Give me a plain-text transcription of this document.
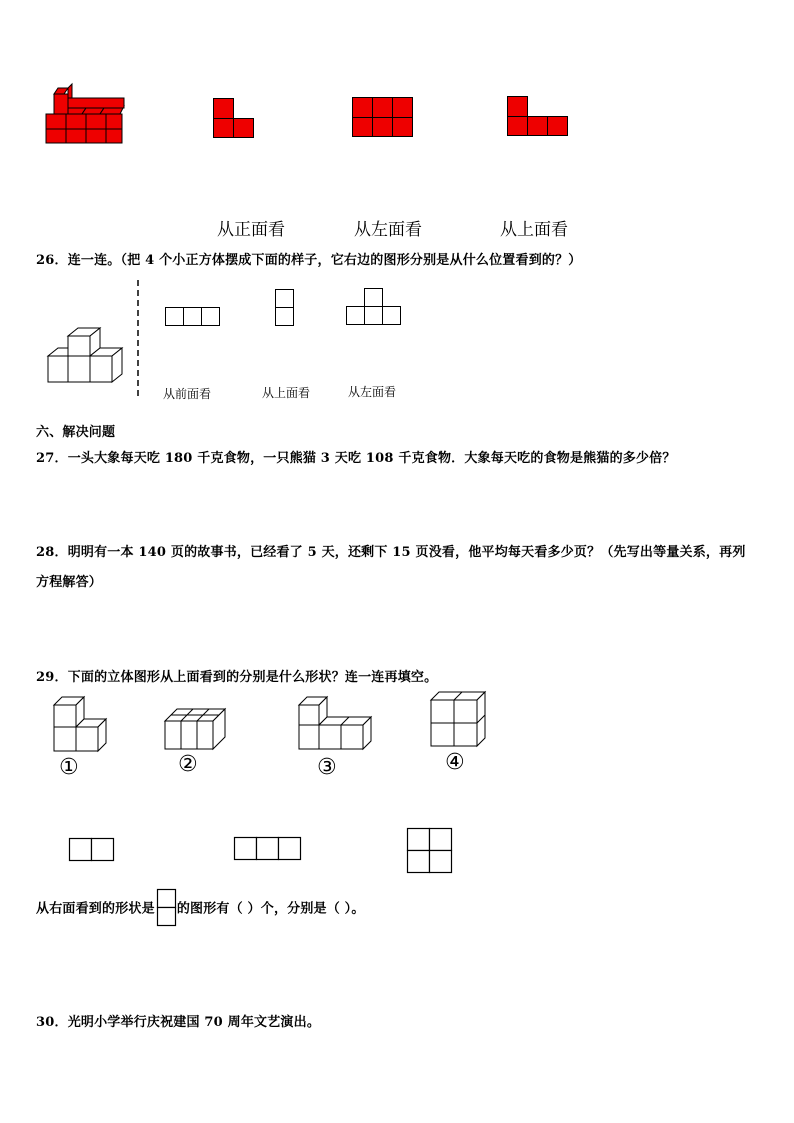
从正面看	从左面看	从上面看
26．连一连。（把 4 个小正方体摆成下面的样子，它右边的图形分别是从什么位置看到的？）
从前面看	从上面看	从左面看
六、解决问题
27．一头大象每天吃 180 千克食物，一只熊猫 3 天吃 108 千克食物．大象每天吃的食物是熊猫的多少倍？
28．明明有一本 140 页的故事书，已经看了 5 天，还剩下 15 页没看，他平均每天看多少页？（先写出等量关系，再列
方程解答）
29．下面的立体图形从上面看到的分别是什么形状？连一连再填空。
①	②	③	④
从右面看到的形状是 的图形有（ ）个，分别是（ ）。
30．光明小学举行庆祝建国 70 周年文艺演出。
